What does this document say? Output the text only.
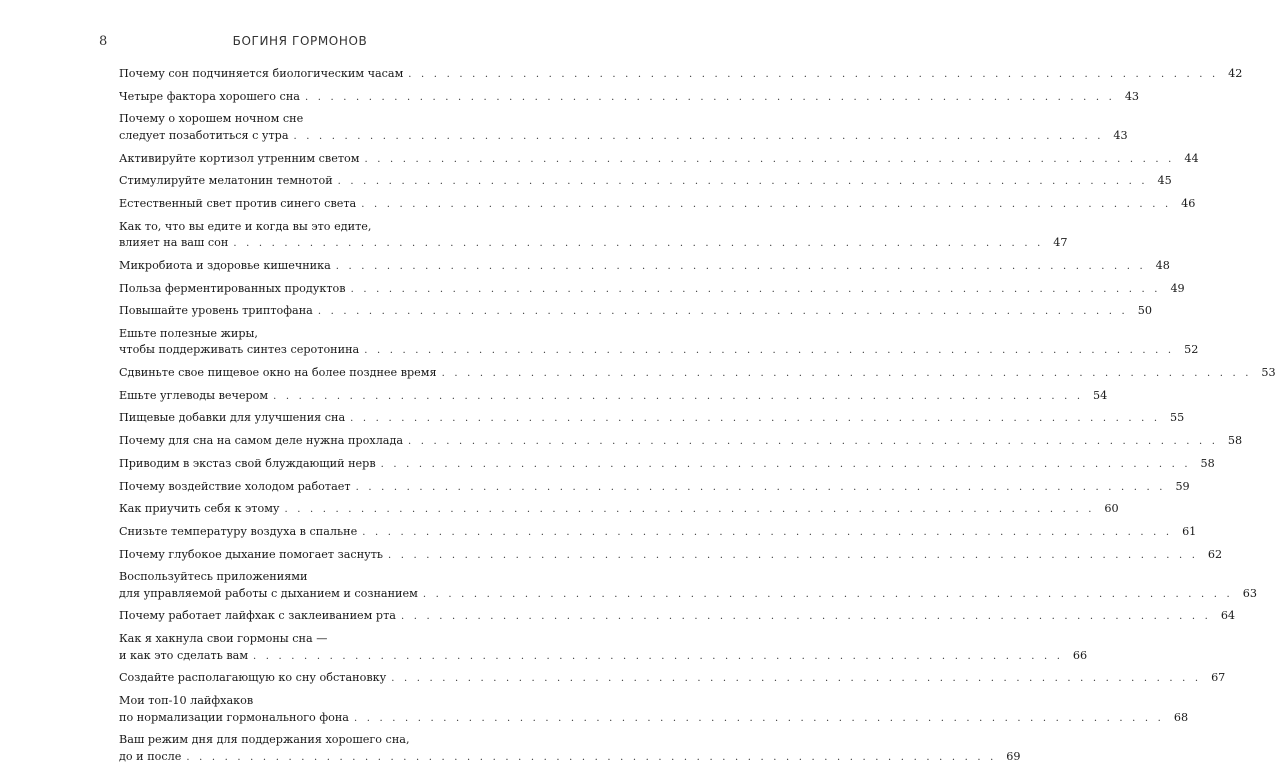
8	БОГИНЯ ГОРМОНОВ
Почему сон подчиняется биологическим часам . . . . . . . . . . . . . . . . . . . . . . . . . . . . . . . . . . . . . . . . . . . . . . . . . . . . . . . . . . . . . . . . 42
Четыре фактора хорошего сна . . . . . . . . . . . . . . . . . . . . . . . . . . . . . . . . . . . . . . . . . . . . . . . . . . . . . . . . . . . . . . . . 43
Почему о хорошем ночном сне
следует позаботиться с утра . . . . . . . . . . . . . . . . . . . . . . . . . . . . . . . . . . . . . . . . . . . . . . . . . . . . . . . . . . . . . . . . 43
Активируйте кортизол утренним светом . . . . . . . . . . . . . . . . . . . . . . . . . . . . . . . . . . . . . . . . . . . . . . . . . . . . . . . . . . . . . . . . 44
Стимулируйте мелатонин темнотой . . . . . . . . . . . . . . . . . . . . . . . . . . . . . . . . . . . . . . . . . . . . . . . . . . . . . . . . . . . . . . . . 45
Естественный свет против синего света . . . . . . . . . . . . . . . . . . . . . . . . . . . . . . . . . . . . . . . . . . . . . . . . . . . . . . . . . . . . . . . . 46
Как то, что вы едите и когда вы это едите,
влияет на ваш сон . . . . . . . . . . . . . . . . . . . . . . . . . . . . . . . . . . . . . . . . . . . . . . . . . . . . . . . . . . . . . . . . 47
Микробиота и здоровье кишечника . . . . . . . . . . . . . . . . . . . . . . . . . . . . . . . . . . . . . . . . . . . . . . . . . . . . . . . . . . . . . . . . 48
Польза ферментированных продуктов . . . . . . . . . . . . . . . . . . . . . . . . . . . . . . . . . . . . . . . . . . . . . . . . . . . . . . . . . . . . . . . . 49
Повышайте уровень триптофана . . . . . . . . . . . . . . . . . . . . . . . . . . . . . . . . . . . . . . . . . . . . . . . . . . . . . . . . . . . . . . . . 50
Ешьте полезные жиры,
чтобы поддерживать синтез серотонина . . . . . . . . . . . . . . . . . . . . . . . . . . . . . . . . . . . . . . . . . . . . . . . . . . . . . . . . . . . . . . . . 52
Сдвиньте свое пищевое окно на более позднее время . . . . . . . . . . . . . . . . . . . . . . . . . . . . . . . . . . . . . . . . . . . . . . . . . . . . . . . . . . . . . . . . 53
Ешьте углеводы вечером . . . . . . . . . . . . . . . . . . . . . . . . . . . . . . . . . . . . . . . . . . . . . . . . . . . . . . . . . . . . . . . . 54
Пищевые добавки для улучшения сна . . . . . . . . . . . . . . . . . . . . . . . . . . . . . . . . . . . . . . . . . . . . . . . . . . . . . . . . . . . . . . . . 55
Почему для сна на самом деле нужна прохлада . . . . . . . . . . . . . . . . . . . . . . . . . . . . . . . . . . . . . . . . . . . . . . . . . . . . . . . . . . . . . . . . 58
Приводим в экстаз свой блуждающий нерв . . . . . . . . . . . . . . . . . . . . . . . . . . . . . . . . . . . . . . . . . . . . . . . . . . . . . . . . . . . . . . . . 58
Почему воздействие холодом работает . . . . . . . . . . . . . . . . . . . . . . . . . . . . . . . . . . . . . . . . . . . . . . . . . . . . . . . . . . . . . . . . 59
Как приучить себя к этому . . . . . . . . . . . . . . . . . . . . . . . . . . . . . . . . . . . . . . . . . . . . . . . . . . . . . . . . . . . . . . . . 60
Снизьте температуру воздуха в спальне . . . . . . . . . . . . . . . . . . . . . . . . . . . . . . . . . . . . . . . . . . . . . . . . . . . . . . . . . . . . . . . . 61
Почему глубокое дыхание помогает заснуть . . . . . . . . . . . . . . . . . . . . . . . . . . . . . . . . . . . . . . . . . . . . . . . . . . . . . . . . . . . . . . . . 62
Воспользуйтесь приложениями
для управляемой работы с дыханием и сознанием . . . . . . . . . . . . . . . . . . . . . . . . . . . . . . . . . . . . . . . . . . . . . . . . . . . . . . . . . . . . . . . . 63
Почему работает лайфхак с заклеиванием рта . . . . . . . . . . . . . . . . . . . . . . . . . . . . . . . . . . . . . . . . . . . . . . . . . . . . . . . . . . . . . . . . 64
Как я хакнула свои гормоны сна —
и как это сделать вам . . . . . . . . . . . . . . . . . . . . . . . . . . . . . . . . . . . . . . . . . . . . . . . . . . . . . . . . . . . . . . . . 66
Создайте располагающую ко сну обстановку . . . . . . . . . . . . . . . . . . . . . . . . . . . . . . . . . . . . . . . . . . . . . . . . . . . . . . . . . . . . . . . . 67
Мои топ-10 лайфхаков
по нормализации гормонального фона . . . . . . . . . . . . . . . . . . . . . . . . . . . . . . . . . . . . . . . . . . . . . . . . . . . . . . . . . . . . . . . . 68
Ваш режим дня для поддержания хорошего сна,
до и после . . . . . . . . . . . . . . . . . . . . . . . . . . . . . . . . . . . . . . . . . . . . . . . . . . . . . . . . . . . . . . . . 69
